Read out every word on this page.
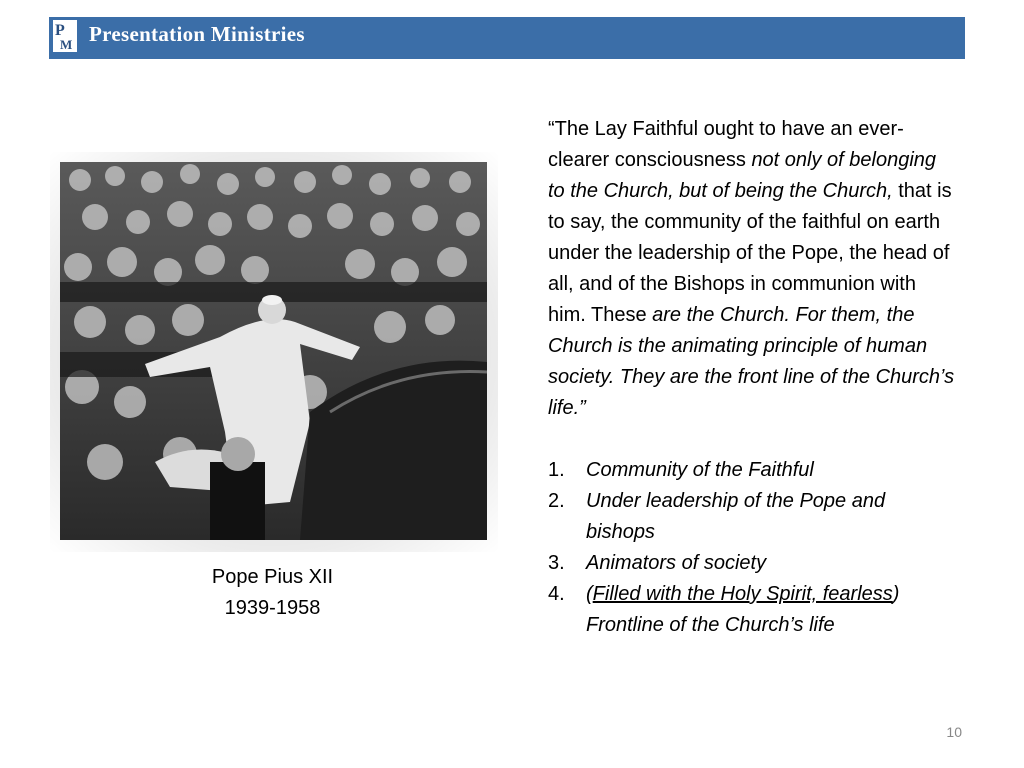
P
M Presentation Ministries
Pope Pius XII
1939-1958

“The Lay Faithful ought to have an ever-clearer consciousness not only of belonging to the Church, but of being the Church, that is to say, the community of the faithful on earth under the leadership of the Pope, the head of all, and of the Bishops in communion with him. These are the Church. For them, the Church is the animating principle of human society. They are the front line of the Church’s life.”

1. Community of the Faithful
2. Under leadership of the Pope and bishops
3. Animators of society
4. (Filled with the Holy Spirit, fearless) Frontline of the Church’s life
10
